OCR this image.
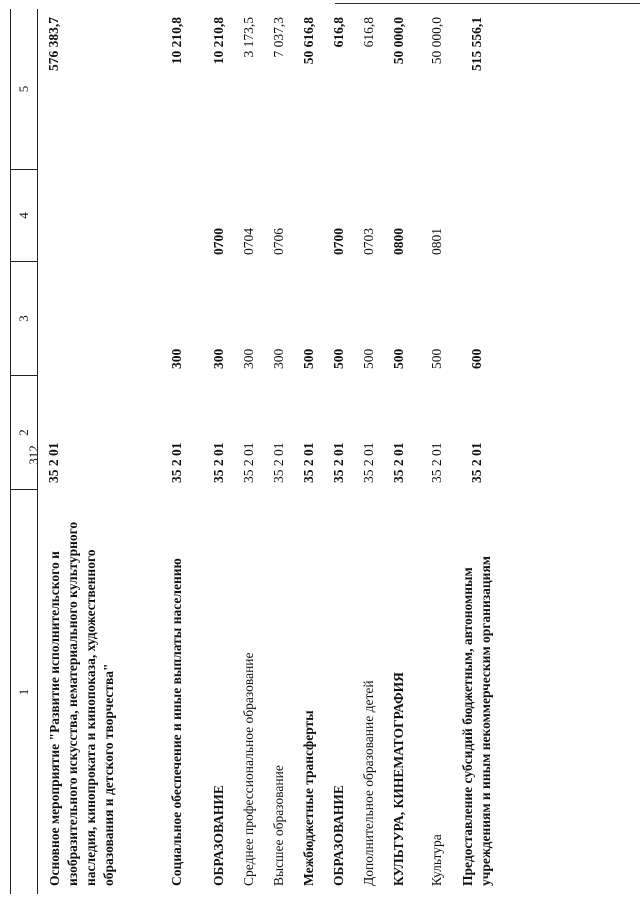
312
1
2
3
4
5
Основное мероприятие "Развитие исполнительского и изобразительного искусства, нематериального культурного наследия, кинопроката и кинопоказа, художественного образования и детского творчества"
35 2 01
576 383,7
Социальное обеспечение и иные выплаты населению
35 2 01
300
10 210,8
ОБРАЗОВАНИЕ
35 2 01
300
0700
10 210,8
Среднее профессиональное образование
35 2 01
300
0704
3 173,5
Высшее образование
35 2 01
300
0706
7 037,3
Межбюджетные трансферты
35 2 01
500
50 616,8
ОБРАЗОВАНИЕ
35 2 01
500
0700
616,8
Дополнительное образование детей
35 2 01
500
0703
616,8
КУЛЬТУРА, КИНЕМАТОГРАФИЯ
35 2 01
500
0800
50 000,0
Культура
35 2 01
500
0801
50 000,0
Предоставление субсидий бюджетным, автономным учреждениям и иным некоммерческим организациям
35 2 01
600
515 556,1
